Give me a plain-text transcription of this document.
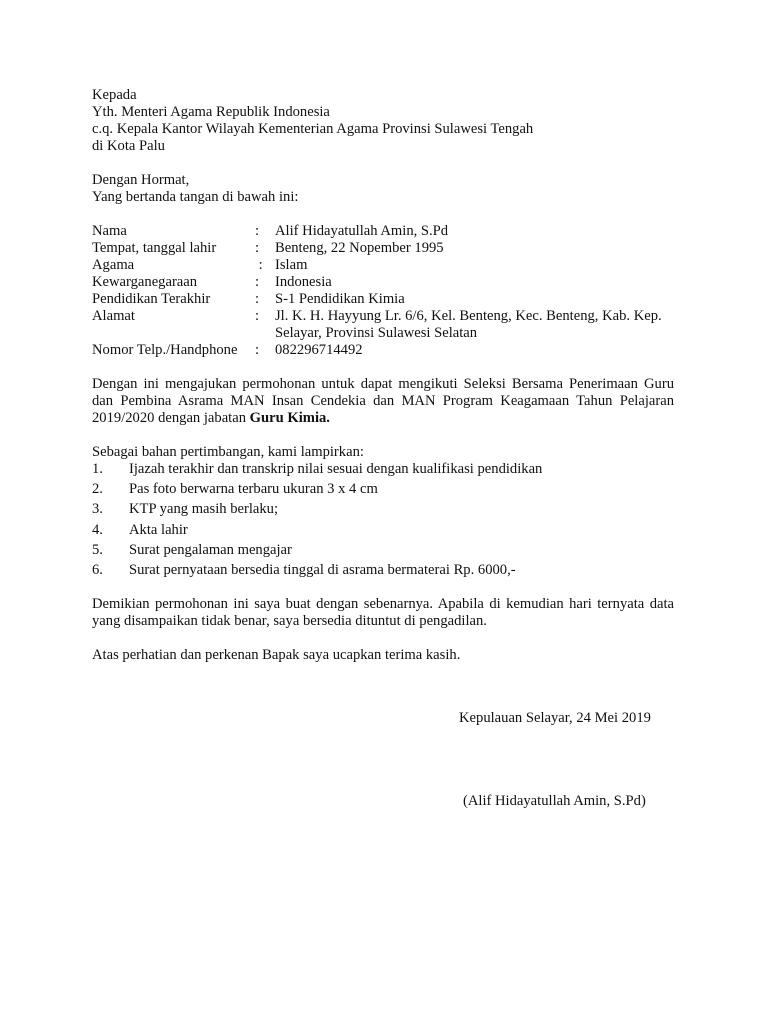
Kepada
Yth. Menteri Agama Republik Indonesia
c.q. Kepala Kantor Wilayah Kementerian Agama Provinsi Sulawesi Tengah
di Kota Palu
Dengan Hormat,
Yang bertanda tangan di bawah ini:
Nama	:	Alif Hidayatullah Amin, S.Pd
Tempat, tanggal lahir	:	Benteng, 22 Nopember 1995
Agama	:	Islam
Kewarganegaraan	:	Indonesia
Pendidikan Terakhir	:	S-1 Pendidikan Kimia
Alamat	:	Jl. K. H. Hayyung Lr. 6/6, Kel. Benteng, Kec. Benteng, Kab. Kep. Selayar, Provinsi Sulawesi Selatan
Nomor Telp./Handphone	:	082296714492

Dengan ini mengajukan permohonan untuk dapat mengikuti Seleksi Bersama Penerimaan Guru dan Pembina Asrama MAN Insan Cendekia dan MAN Program Keagamaan Tahun Pelajaran 2019/2020 dengan jabatan Guru Kimia.

Sebagai bahan pertimbangan, kami lampirkan:
1. Ijazah terakhir dan transkrip nilai sesuai dengan kualifikasi pendidikan
2. Pas foto berwarna terbaru ukuran 3 x 4 cm
3. KTP yang masih berlaku;
4. Akta lahir
5. Surat pengalaman mengajar
6. Surat pernyataan bersedia tinggal di asrama bermaterai Rp. 6000,-

Demikian permohonan ini saya buat dengan sebenarnya. Apabila di kemudian hari ternyata data yang disampaikan tidak benar, saya bersedia dituntut di pengadilan.

Atas perhatian dan perkenan Bapak saya ucapkan terima kasih.

Kepulauan Selayar, 24 Mei 2019
(Alif Hidayatullah Amin, S.Pd)
